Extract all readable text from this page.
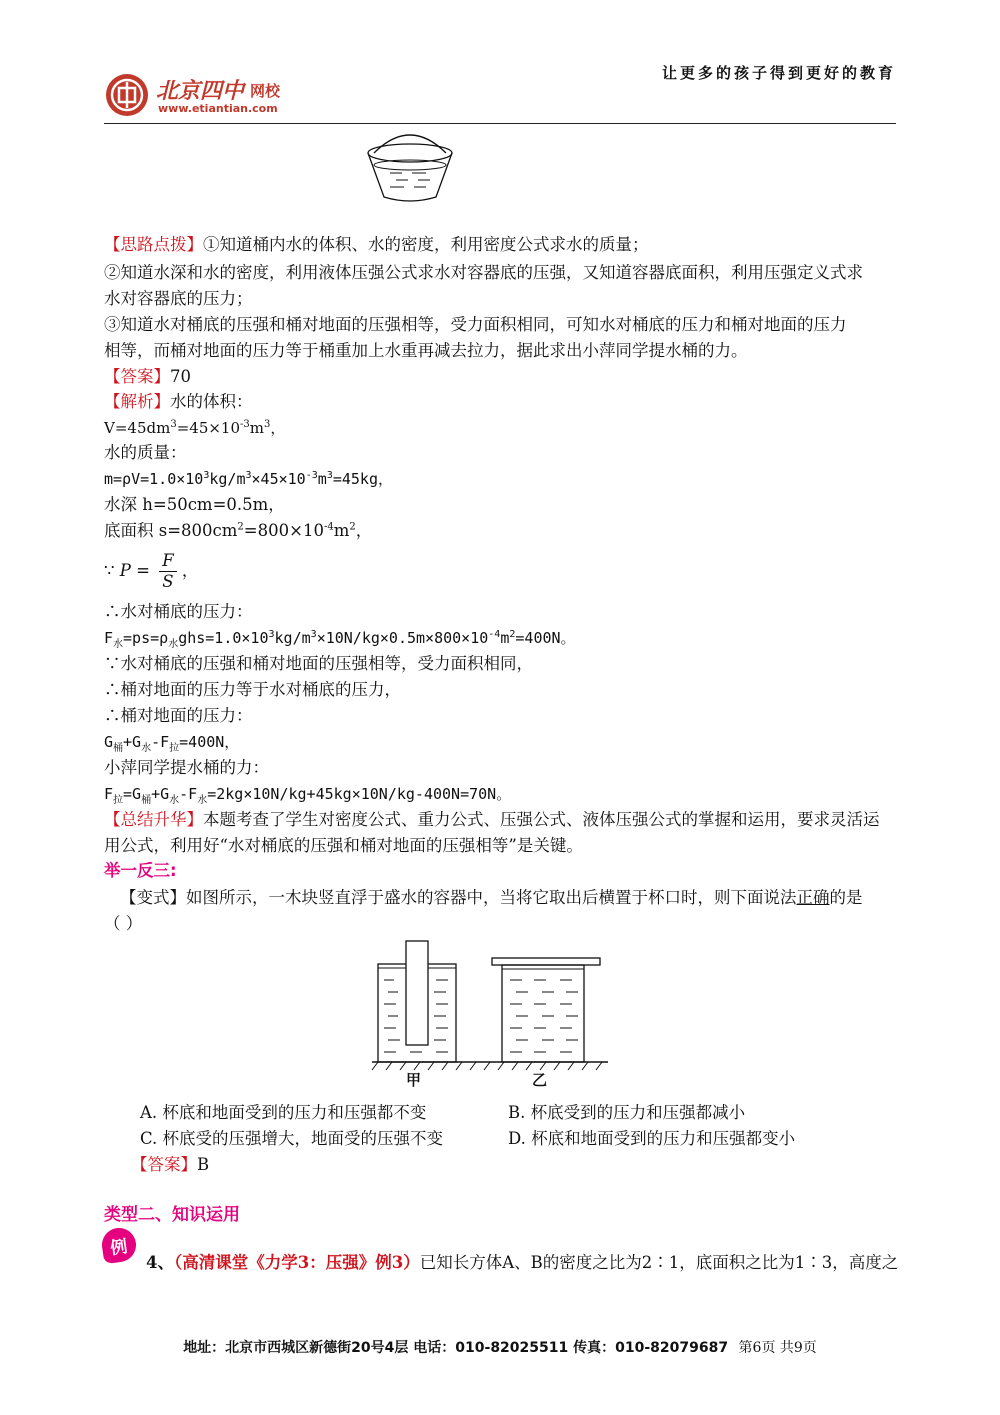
北京四中 网校
www.etiantian.com
让更多的孩子得到更好的教育
【思路点拨】①知道桶内水的体积、水的密度，利用密度公式求水的质量；
②知道水深和水的密度，利用液体压强公式求水对容器底的压强，又知道容器底面积，利用压强定义式求
水对容器底的压力；
③知道水对桶底的压强和桶对地面的压强相等，受力面积相同，可知水对桶底的压力和桶对地面的压力
相等，而桶对地面的压力等于桶重加上水重再减去拉力，据此求出小萍同学提水桶的力。
【答案】70
【解析】水的体积：
$V=45dm^3=45\times 10^{-3}m^3$，
水的质量：
$m=\rho V=1.0\times 10^3kg/m^3\times 45\times 10^{-3}m^3=45kg$，
水深 h=50cm=0.5m，
底面积 $s=800cm^2=800\times 10^{-4}m^2$，
∵ $P = \frac{F}{S}$ ，
∴水对桶底的压力：
$F_水=ps=\rho_水ghs=1.0\times 10^3kg/m^3\times 10N/kg\times 0.5m\times 800\times 10^{-4}m^2=400N$。
∵水对桶底的压强和桶对地面的压强相等，受力面积相同，
∴桶对地面的压力等于水对桶底的压力，
∴桶对地面的压力：
$G_桶+G_水-F_拉=400N$，
小萍同学提水桶的力：
$F_拉=G_桶+G_水-F_水=2kg\times 10N/kg+45kg\times 10N/kg-400N=70N$。
【总结升华】本题考查了学生对密度公式、重力公式、压强公式、液体压强公式的掌握和运用，要求灵活运
用公式，利用好“水对桶底的压强和桶对地面的压强相等”是关键。
举一反三:
【变式】如图所示，一木块竖直浮于盛水的容器中，当将它取出后横置于杯口时，则下面说法正确的是
（ ）
甲	乙
A. 杯底和地面受到的压力和压强都不变	B. 杯底受到的压力和压强都减小
C. 杯底受的压强增大，地面受的压强不变	D. 杯底和地面受到的压力和压强都变小
【答案】B
类型二、知识运用
例
4、（高清课堂《力学3：压强》例3）已知长方体A、B的密度之比为2∶1，底面积之比为1∶3，高度之
地址：北京市西城区新德街20号4层 电话：010-82025511 传真：010-82079687 第6页 共9页
